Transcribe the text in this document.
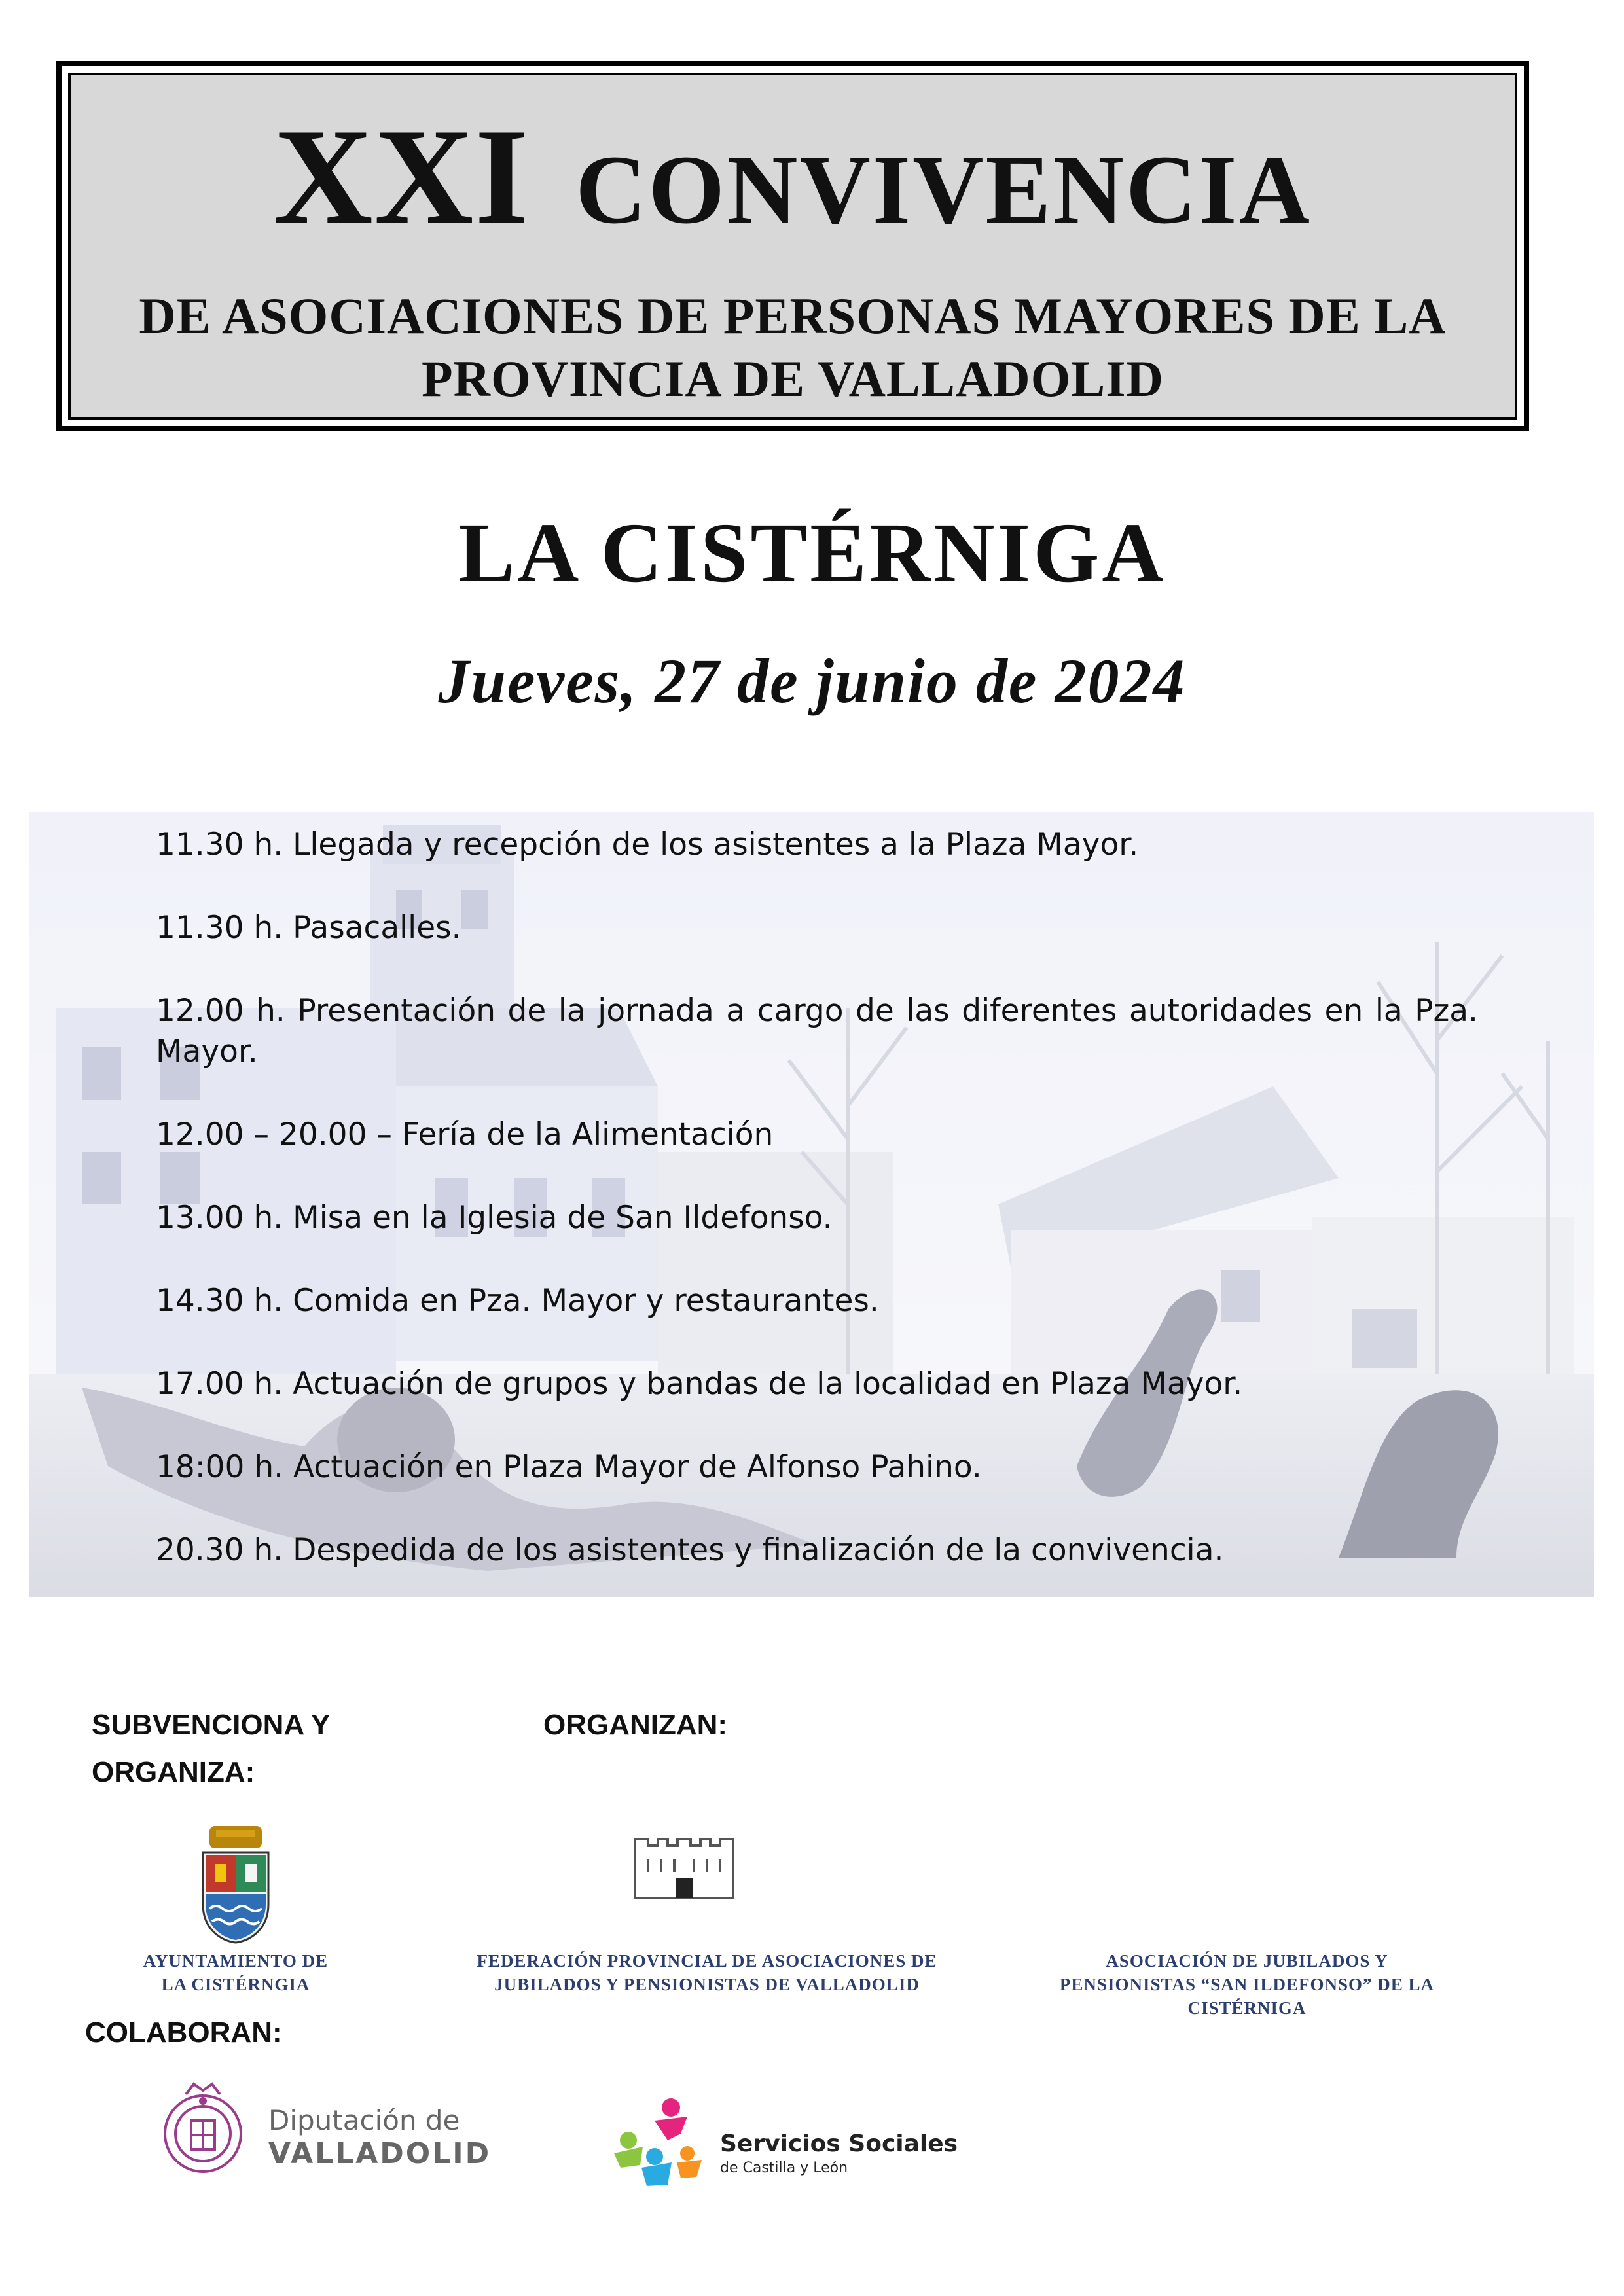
XXI CONVIVENCIA
DE ASOCIACIONES DE PERSONAS MAYORES DE LA PROVINCIA DE VALLADOLID
LA CISTÉRNIGA
Jueves, 27 de junio de 2024

11.30 h. Llegada y recepción de los asistentes a la Plaza Mayor.

11.30 h. Pasacalles.

12.00 h. Presentación de la jornada a cargo de las diferentes autoridades en la Pza. Mayor.

12.00 – 20.00 – Fería de la Alimentación

13.00 h. Misa en la Iglesia de San Ildefonso.

14.30 h. Comida en Pza. Mayor y restaurantes.

17.00 h. Actuación de grupos y bandas de la localidad en Plaza Mayor.

18:00 h. Actuación en Plaza Mayor de Alfonso Pahino.

20.30 h. Despedida de los asistentes y finalización de la convivencia.

SUBVENCIONA Y
ORGANIZA:
ORGANIZAN:
AYUNTAMIENTO DE
LA CISTÉRNGIA
FEDERACIÓN PROVINCIAL DE ASOCIACIONES DE
JUBILADOS Y PENSIONISTAS DE VALLADOLID
ASOCIACIÓN DE JUBILADOS Y
PENSIONISTAS “SAN ILDEFONSO” DE LA
CISTÉRNIGA
COLABORAN:
Diputación de
VALLADOLID	Servicios Sociales
de Castilla y León
